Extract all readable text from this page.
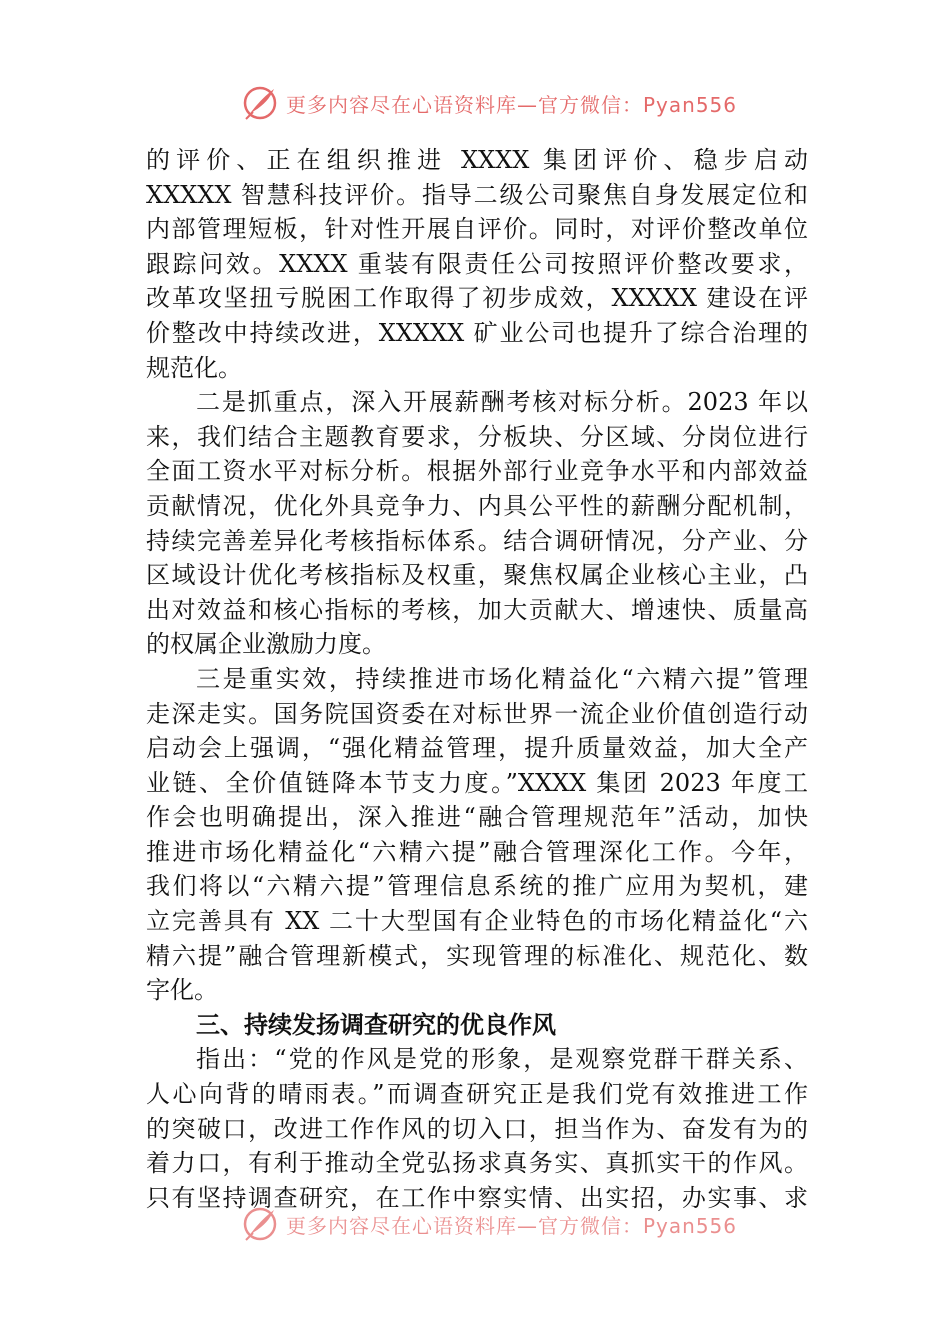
更多内容尽在心语资料库—官方微信：Pyan556
的评价、正在组织推进 XXXX 集团评价、稳步启动
XXXXX 智慧科技评价。指导二级公司聚焦自身发展定位和
内部管理短板，针对性开展自评价。同时，对评价整改单位
跟踪问效。XXXX 重装有限责任公司按照评价整改要求，
改革攻坚扭亏脱困工作取得了初步成效，XXXXX 建设在评
价整改中持续改进，XXXXX 矿业公司也提升了综合治理的
规范化。
二是抓重点，深入开展薪酬考核对标分析。2023 年以
来，我们结合主题教育要求，分板块、分区域、分岗位进行
全面工资水平对标分析。根据外部行业竞争水平和内部效益
贡献情况，优化外具竞争力、内具公平性的薪酬分配机制，
持续完善差异化考核指标体系。结合调研情况，分产业、分
区域设计优化考核指标及权重，聚焦权属企业核心主业，凸
出对效益和核心指标的考核，加大贡献大、增速快、质量高
的权属企业激励力度。
三是重实效，持续推进市场化精益化“六精六提”管理
走深走实。国务院国资委在对标世界一流企业价值创造行动
启动会上强调，“强化精益管理，提升质量效益，加大全产
业链、全价值链降本节支力度。”XXXX 集团 2023 年度工
作会也明确提出，深入推进“融合管理规范年”活动，加快
推进市场化精益化“六精六提”融合管理深化工作。今年，
我们将以“六精六提”管理信息系统的推广应用为契机，建
立完善具有 XX 二十大型国有企业特色的市场化精益化“六
精六提”融合管理新模式，实现管理的标准化、规范化、数
字化。
三、持续发扬调查研究的优良作风
指出：“党的作风是党的形象，是观察党群干群关系、
人心向背的晴雨表。”而调查研究正是我们党有效推进工作
的突破口，改进工作作风的切入口，担当作为、奋发有为的
着力口，有利于推动全党弘扬求真务实、真抓实干的作风。
只有坚持调查研究，在工作中察实情、出实招，办实事、求
更多内容尽在心语资料库—官方微信：Pyan556
